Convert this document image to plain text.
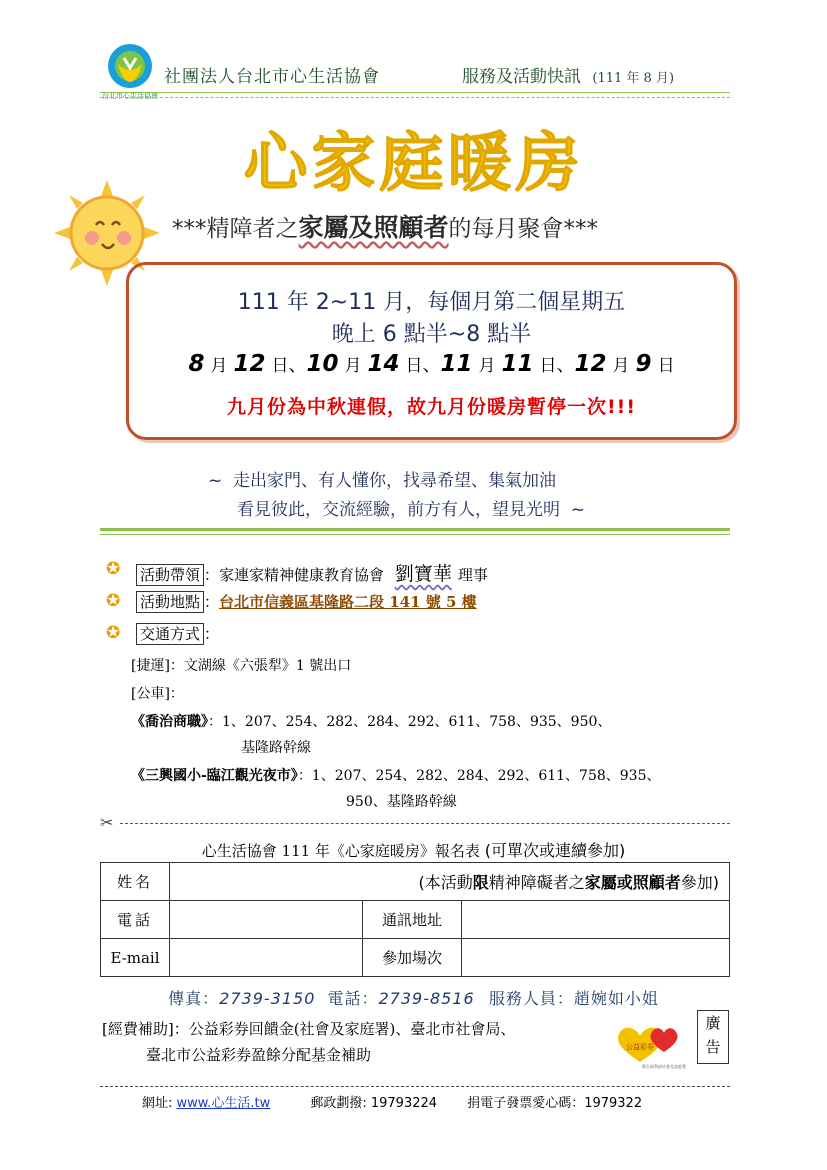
台北市心生活協會
社團法人台北市心生活協會	服務及活動快訊 (111 年 8 月)
心家庭暖房
***精障者之家屬及照顧者的每月聚會***
111 年 2~11 月，每個月第二個星期五
晚上 6 點半~8 點半
8 月 12 日、10 月 14 日、11 月 11 日、12 月 9 日
九月份為中秋連假，故九月份暖房暫停一次!!!
~  走出家門、有人懂你，找尋希望、集氣加油
看見彼此，交流經驗，前方有人，望見光明  ~
✪ 活動帶領 ：家連家精神健康教育協會 劉寶華 理事
✪ 活動地點 ：台北市信義區基隆路二段 141 號 5 樓
✪ 交通方式 ：
[捷運]：文湖線《六張犁》1 號出口
[公車]：
《喬治商職》：1、207、254、282、284、292、611、758、935、950、
基隆路幹線
《三興國小-臨江觀光夜市》：1、207、254、282、284、292、611、758、935、
950、基隆路幹線
✂
心生活協會 111 年《心家庭暖房》報名表 (可單次或連續參加)
姓名	(本活動限精神障礙者之家屬或照顧者參加)		
電話		通訊地址	
E-mail		參加場次	
傳真：2739-3150 電話：2739-8516 服務人員：趙婉如小姐
[經費補助]：公益彩券回饋金(社會及家庭署)、臺北市社會局、
臺北市公益彩券盈餘分配基金補助	公益彩券
衛生福利部社會及家庭署
廣
告
網址: www.心生活.tw	郵政劃撥: 19793224 捐電子發票愛心碼：1979322
